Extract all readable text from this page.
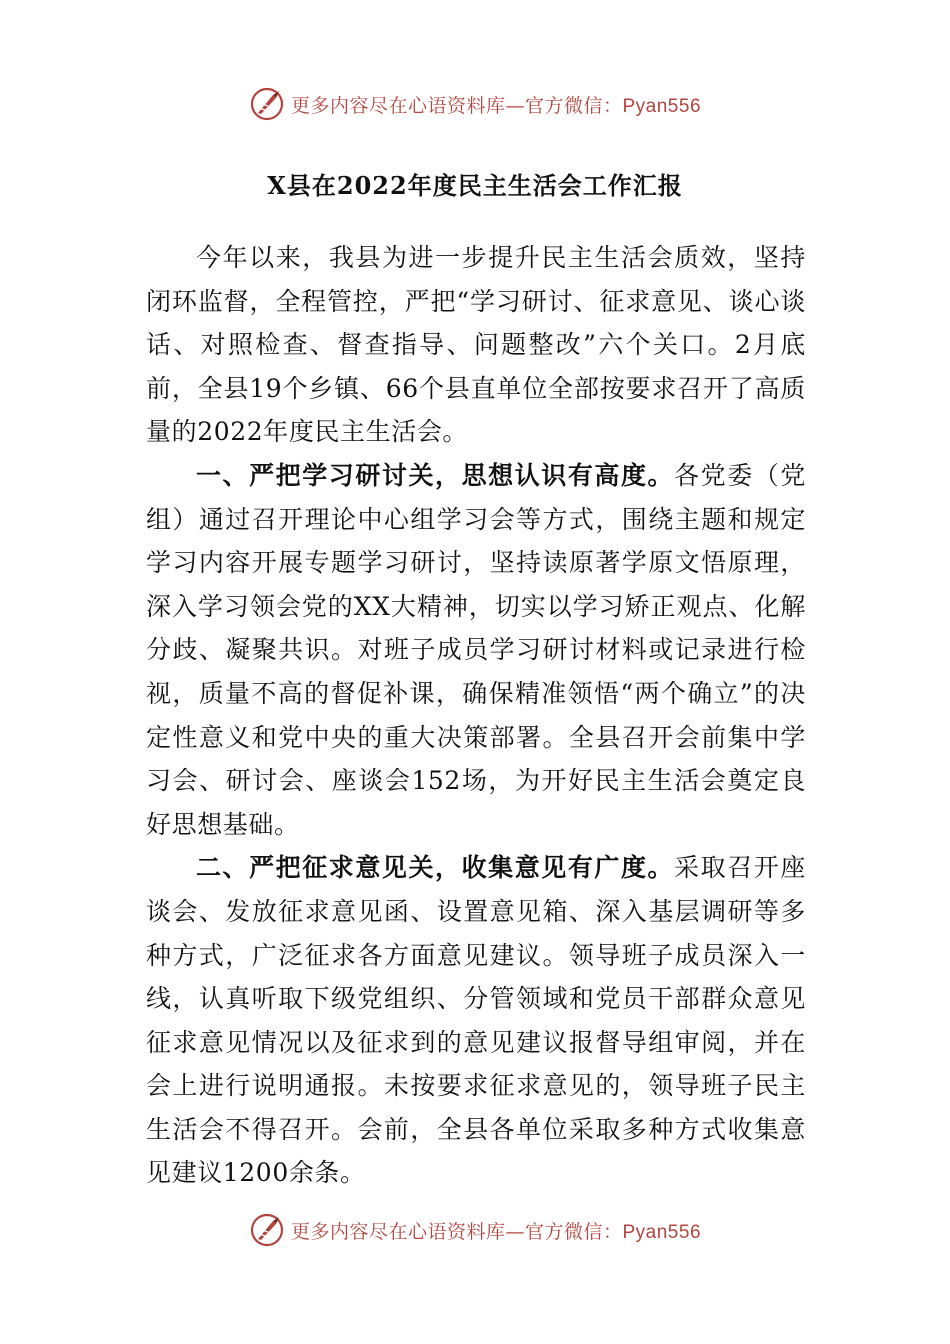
更多内容尽在心语资料库—官方微信：Pyan556
X县在2022年度民主生活会工作汇报

今年以来，我县为进一步提升民主生活会质效，坚持闭环监督，全程管控，严把“学习研讨、征求意见、谈心谈话、对照检查、督查指导、问题整改”六个关口。2月底前，全县19个乡镇、66个县直单位全部按要求召开了高质量的2022年度民主生活会。

一、严把学习研讨关，思想认识有高度。各党委（党组）通过召开理论中心组学习会等方式，围绕主题和规定学习内容开展专题学习研讨，坚持读原著学原文悟原理，深入学习领会党的XX大精神，切实以学习矫正观点、化解分歧、凝聚共识。对班子成员学习研讨材料或记录进行检视，质量不高的督促补课，确保精准领悟“两个确立”的决定性意义和党中央的重大决策部署。全县召开会前集中学习会、研讨会、座谈会152场，为开好民主生活会奠定良好思想基础。

二、严把征求意见关，收集意见有广度。采取召开座谈会、发放征求意见函、设置意见箱、深入基层调研等多种方式，广泛征求各方面意见建议。领导班子成员深入一线，认真听取下级党组织、分管领域和党员干部群众意见征求意见情况以及征求到的意见建议报督导组审阅，并在会上进行说明通报。未按要求征求意见的，领导班子民主生活会不得召开。会前，全县各单位采取多种方式收集意见建议1200余条。

更多内容尽在心语资料库—官方微信：Pyan556
